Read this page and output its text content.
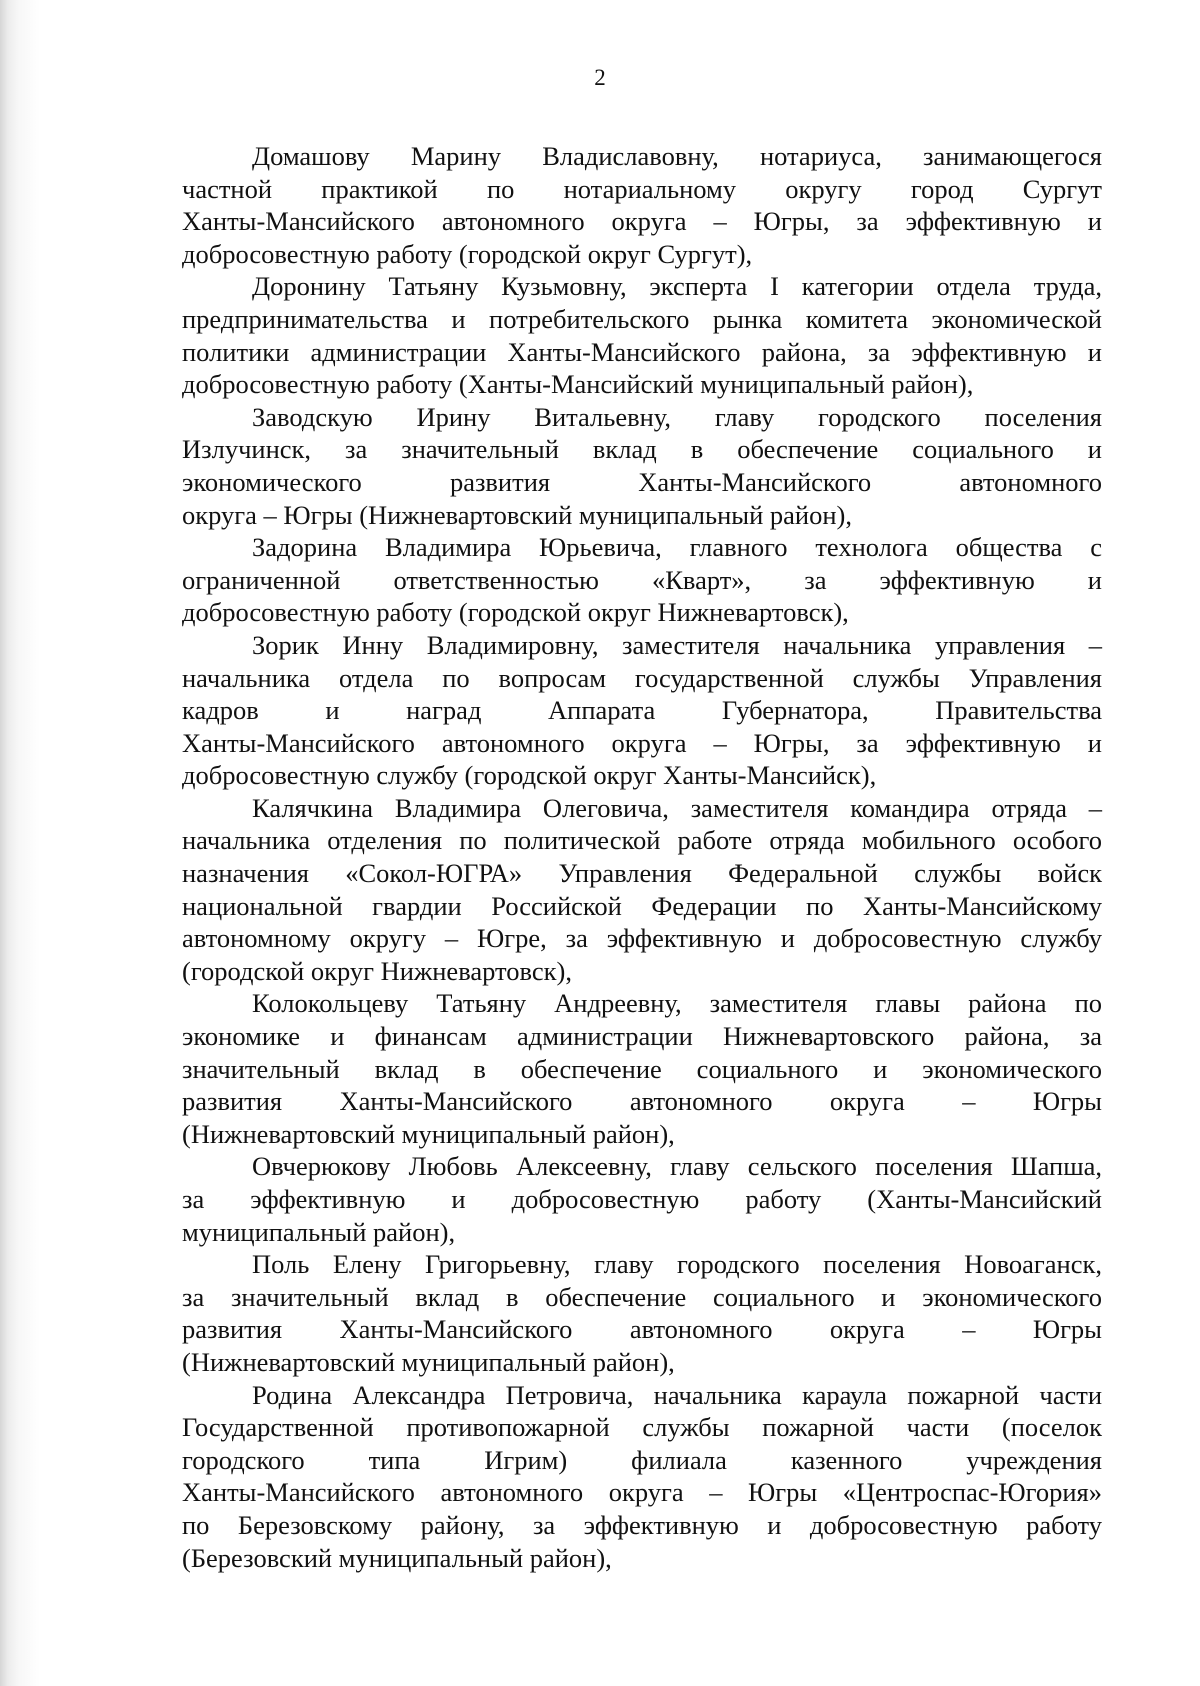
2
Домашову Марину Владиславовну, нотариуса, занимающегося
частной практикой по нотариальному округу город Сургут
Ханты-Мансийского автономного округа – Югры, за эффективную и
добросовестную работу (городской округ Сургут),
Доронину Татьяну Кузьмовну, эксперта I категории отдела труда,
предпринимательства и потребительского рынка комитета экономической
политики администрации Ханты-Мансийского района, за эффективную и
добросовестную работу (Ханты-Мансийский муниципальный район),
Заводскую Ирину Витальевну, главу городского поселения
Излучинск, за значительный вклад в обеспечение социального и
экономического развития Ханты-Мансийского автономного
округа – Югры (Нижневартовский муниципальный район),
Задорина Владимира Юрьевича, главного технолога общества с
ограниченной ответственностью «Кварт», за эффективную и
добросовестную работу (городской округ Нижневартовск),
Зорик Инну Владимировну, заместителя начальника управления –
начальника отдела по вопросам государственной службы Управления
кадров и наград Аппарата Губернатора, Правительства
Ханты-Мансийского автономного округа – Югры, за эффективную и
добросовестную службу (городской округ Ханты-Мансийск),
Калячкина Владимира Олеговича, заместителя командира отряда –
начальника отделения по политической работе отряда мобильного особого
назначения «Сокол-ЮГРА» Управления Федеральной службы войск
национальной гвардии Российской Федерации по Ханты-Мансийскому
автономному округу – Югре, за эффективную и добросовестную службу
(городской округ Нижневартовск),
Колокольцеву Татьяну Андреевну, заместителя главы района по
экономике и финансам администрации Нижневартовского района, за
значительный вклад в обеспечение социального и экономического
развития Ханты-Мансийского автономного округа – Югры
(Нижневартовский муниципальный район),
Овчерюкову Любовь Алексеевну, главу сельского поселения Шапша,
за эффективную и добросовестную работу (Ханты-Мансийский
муниципальный район),
Поль Елену Григорьевну, главу городского поселения Новоаганск,
за значительный вклад в обеспечение социального и экономического
развития Ханты-Мансийского автономного округа – Югры
(Нижневартовский муниципальный район),
Родина Александра Петровича, начальника караула пожарной части
Государственной противопожарной службы пожарной части (поселок
городского типа Игрим) филиала казенного учреждения
Ханты-Мансийского автономного округа – Югры «Центроспас-Югория»
по Березовскому району, за эффективную и добросовестную работу
(Березовский муниципальный район),
